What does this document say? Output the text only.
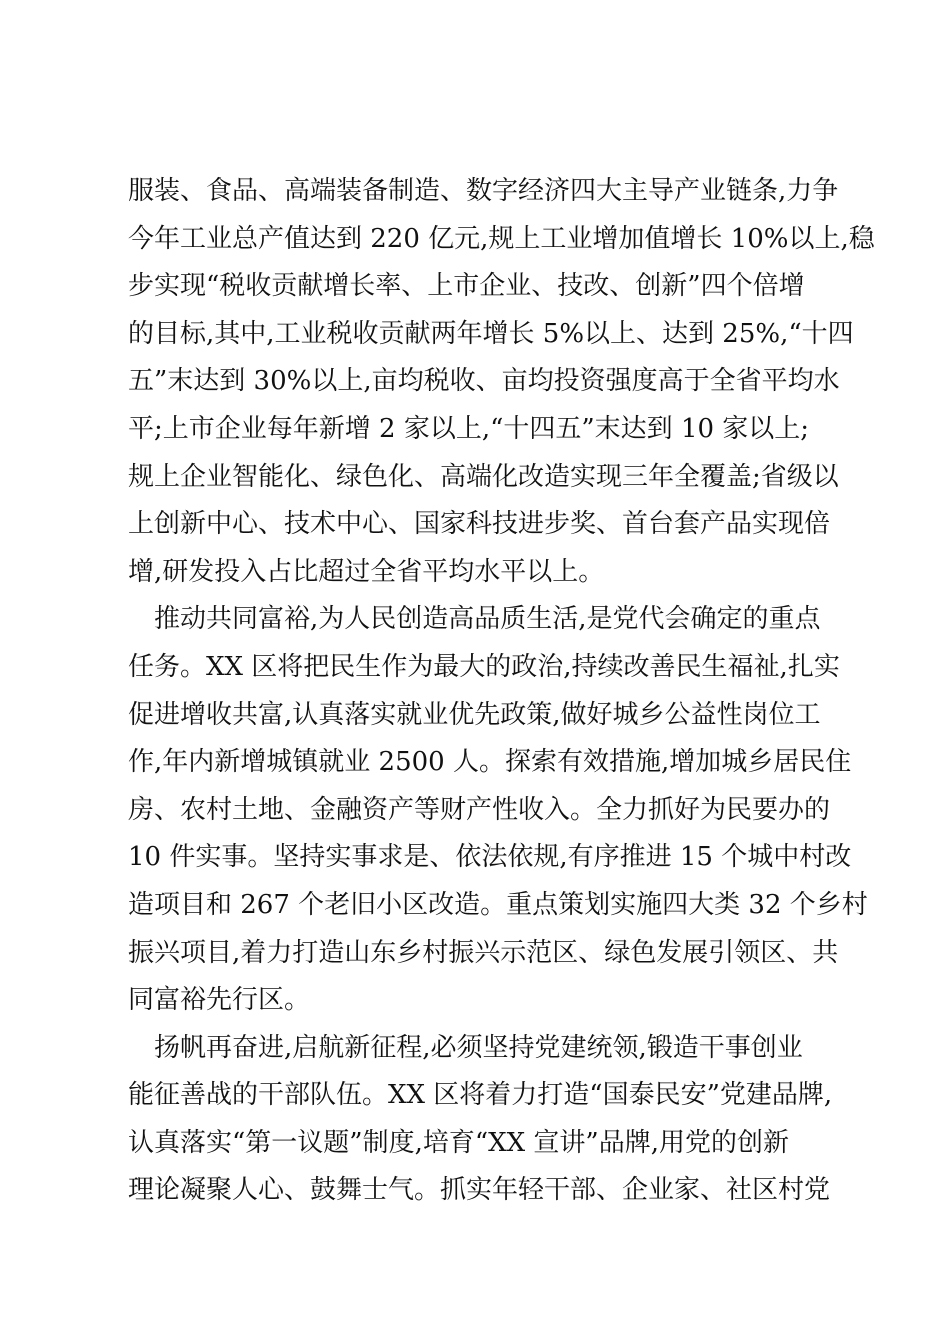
服装、食品、高端装备制造、数字经济四大主导产业链条,力争
今年工业总产值达到 220 亿元,规上工业增加值增长 10%以上,稳
步实现“税收贡献增长率、上市企业、技改、创新”四个倍增
的目标,其中,工业税收贡献两年增长 5%以上、达到 25%,“十四
五”末达到 30%以上,亩均税收、亩均投资强度高于全省平均水
平;上市企业每年新增 2 家以上,“十四五”末达到 10 家以上;
规上企业智能化、绿色化、高端化改造实现三年全覆盖;省级以
上创新中心、技术中心、国家科技进步奖、首台套产品实现倍
增,研发投入占比超过全省平均水平以上。
　推动共同富裕,为人民创造高品质生活,是党代会确定的重点
任务。XX 区将把民生作为最大的政治,持续改善民生福祉,扎实
促进增收共富,认真落实就业优先政策,做好城乡公益性岗位工
作,年内新增城镇就业 2500 人。探索有效措施,增加城乡居民住
房、农村土地、金融资产等财产性收入。全力抓好为民要办的
10 件实事。坚持实事求是、依法依规,有序推进 15 个城中村改
造项目和 267 个老旧小区改造。重点策划实施四大类 32 个乡村
振兴项目,着力打造山东乡村振兴示范区、绿色发展引领区、共
同富裕先行区。
　扬帆再奋进,启航新征程,必须坚持党建统领,锻造干事创业
能征善战的干部队伍。XX 区将着力打造“国泰民安”党建品牌,
认真落实“第一议题”制度,培育“XX 宣讲”品牌,用党的创新
理论凝聚人心、鼓舞士气。抓实年轻干部、企业家、社区村党
